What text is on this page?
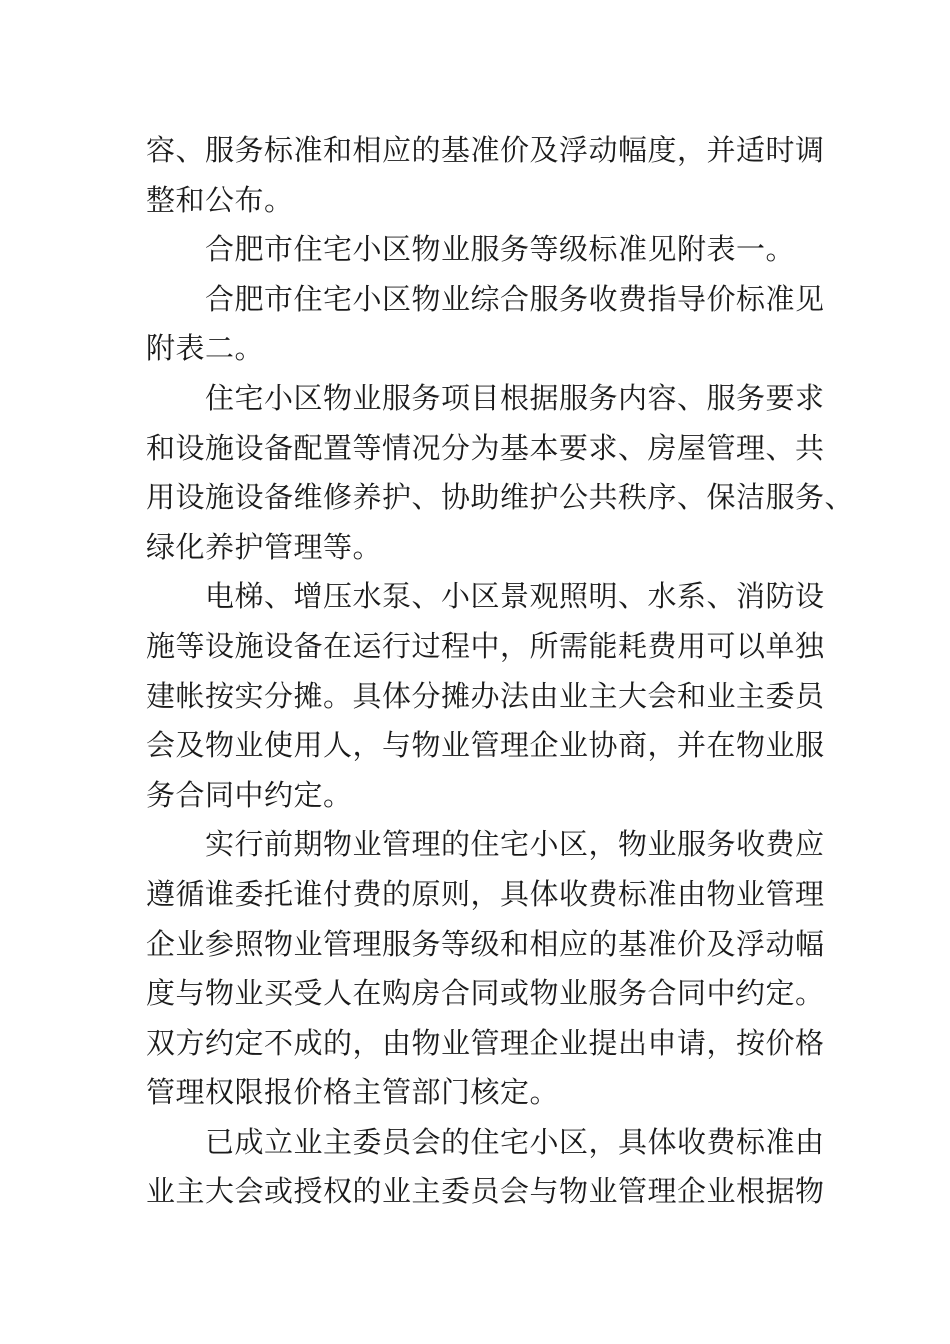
容、服务标准和相应的基准价及浮动幅度，并适时调
整和公布。
　　合肥市住宅小区物业服务等级标准见附表一。
　　合肥市住宅小区物业综合服务收费指导价标准见
附表二。
　　住宅小区物业服务项目根据服务内容、服务要求
和设施设备配置等情况分为基本要求、房屋管理、共
用设施设备维修养护、协助维护公共秩序、保洁服务、
绿化养护管理等。
　　电梯、增压水泵、小区景观照明、水系、消防设
施等设施设备在运行过程中，所需能耗费用可以单独
建帐按实分摊。具体分摊办法由业主大会和业主委员
会及物业使用人，与物业管理企业协商，并在物业服
务合同中约定。
　　实行前期物业管理的住宅小区，物业服务收费应
遵循谁委托谁付费的原则，具体收费标准由物业管理
企业参照物业管理服务等级和相应的基准价及浮动幅
度与物业买受人在购房合同或物业服务合同中约定。
双方约定不成的，由物业管理企业提出申请，按价格
管理权限报价格主管部门核定。
　　已成立业主委员会的住宅小区，具体收费标准由
业主大会或授权的业主委员会与物业管理企业根据物
